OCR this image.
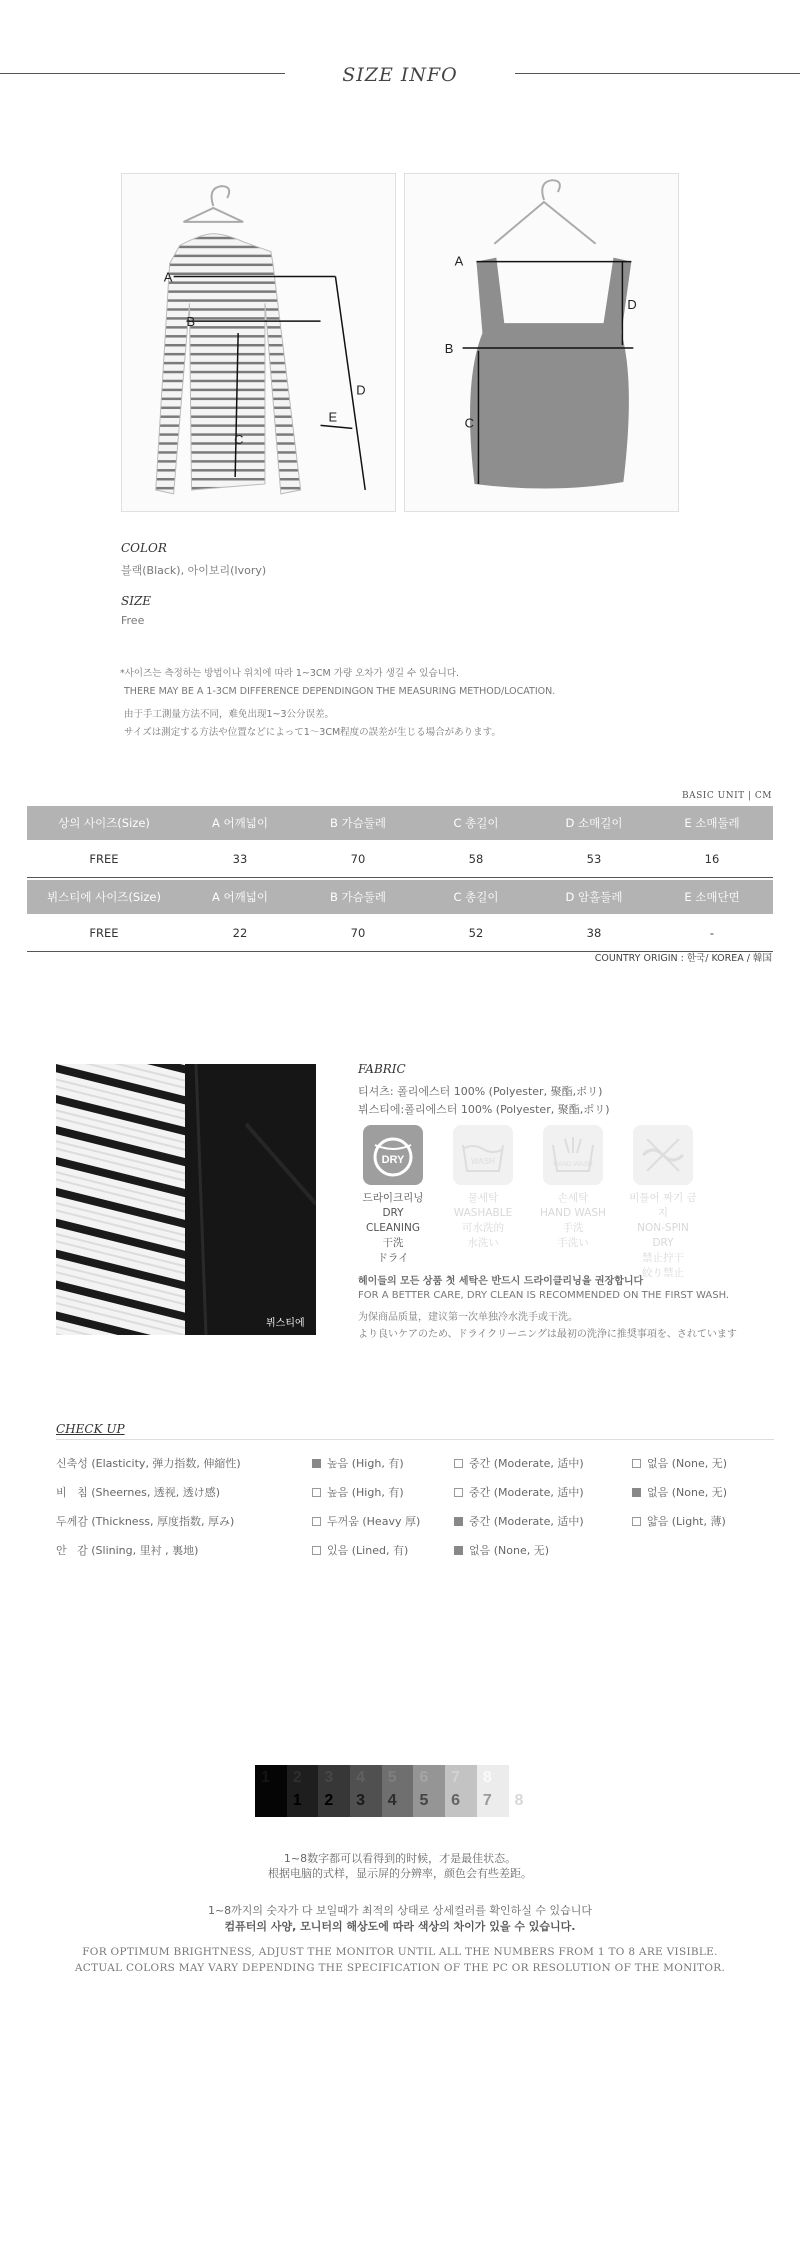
SIZE INFO
A
B
C
D
E
A
B
C
D
COLOR
블랙(Black), 아이보리(Ivory)
SIZE
Free
*사이즈는 측정하는 방법이나 위치에 따라 1~3CM 가량 오차가 생길 수 있습니다.
THERE MAY BE A 1-3CM DIFFERENCE DEPENDINGON THE MEASURING METHOD/LOCATION.
由于手工測量方法不同，难免出现1~3公分误差。
サイズは測定する方法や位置などによって1～3CM程度の誤差が生じる場合があります。
BASIC UNIT | CM
상의 사이즈(Size)	A 어깨넓이	B 가슴둘레	C 총길이	D 소매길이	E 소매둘레
FREE	33	70	58	53	16
뷔스티에 사이즈(Size)	A 어깨넓이	B 가슴둘레	C 총길이	D 암홀둘레	E 소매단면
FREE	22	70	52	38	-
COUNTRY ORIGIN : 한국/ KOREA / 韓国
뷔스티에
FABRIC
티셔츠: 폴리에스터 100% (Polyester, 聚酯,ポリ)
뷔스티에:폴리에스터 100% (Polyester, 聚酯,ポリ)
DRY
드라이크리닝
DRY CLEANING
干洗
ドライ
WASH
물세탁
WASHABLE
可水洗的
水洗い
HAND WASH
손세탁
HAND WASH
手洗
手洗い
비틀어 짜기 금지
NON-SPIN DRY
禁止拧干
絞り禁止
헤이들의 모든 상품 첫 세탁은 반드시 드라이클리닝을 권장합니다
FOR A BETTER CARE, DRY CLEAN IS RECOMMENDED ON THE FIRST WASH.
为保商品质量，建议第一次单独冷水洗手或干洗。
より良いケアのため、ドライクリーニングは最初の洗浄に推奨事項を、されています
CHECK UP
신축성 (Elasticity, 弹力指数, 伸縮性)	높음 (High, 有)	중간 (Moderate, 适中)	없음 (None, 无)
비   침 (Sheernes, 透视, 透け感)	높음 (High, 有)	중간 (Moderate, 适中)	없음 (None, 无)
두께감 (Thickness, 厚度指数, 厚み)	두꺼움 (Heavy 厚)	중간 (Moderate, 适中)	얇음 (Light, 薄)
안   감 (Slining, 里衬 , 裏地)	있음 (Lined, 有)	없음 (None, 无)
1	2
1
3
2
4
3
5
4
6
5
7
6
8
7	8
1~8数字都可以看得到的时候，才是最佳状态。
根据电脑的式样，显示屏的分辨率，颜色会有些差距。
1~8까지의 숫자가 다 보일때가 최적의 상태로 상세컬러를 확인하실 수 있습니다
컴퓨터의 사양, 모니터의 해상도에 따라 색상의 차이가 있을 수 있습니다.
FOR OPTIMUM BRIGHTNESS, ADJUST THE MONITOR UNTIL ALL THE NUMBERS FROM 1 TO 8 ARE VISIBLE.
ACTUAL COLORS MAY VARY DEPENDING THE SPECIFICATION OF THE PC OR RESOLUTION OF THE MONITOR.
